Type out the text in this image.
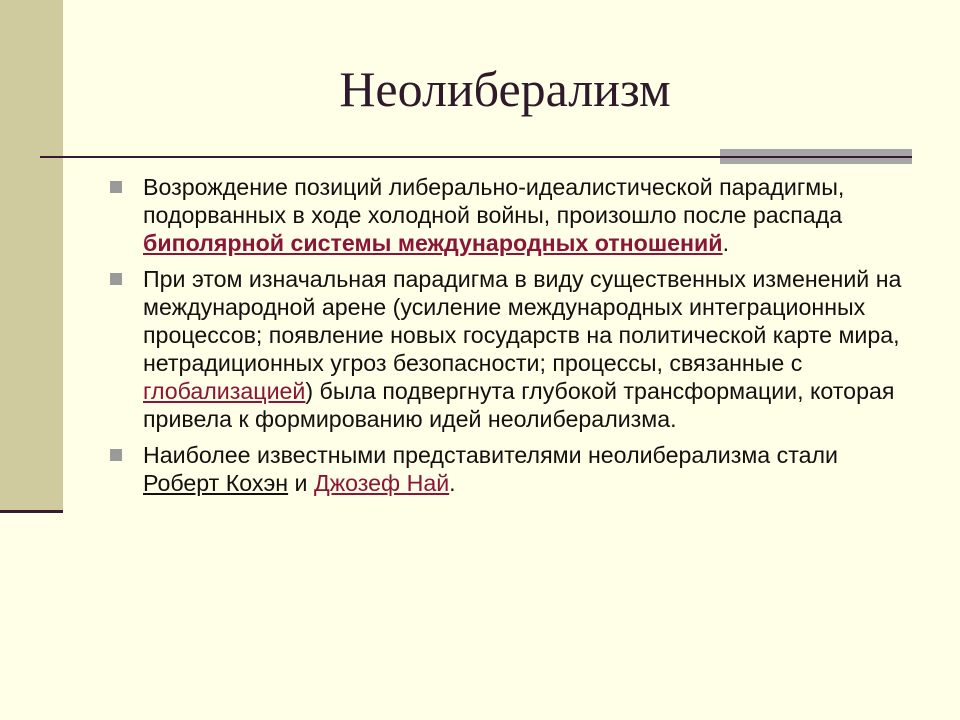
Неолиберализм
Возрождение позиций либерально-идеалистической парадигмы, подорванных в ходе холодной войны, произошло после распада биполярной системы международных отношений.
При этом изначальная парадигма в виду существенных изменений на международной арене (усиление международных интеграционных процессов; появление новых государств на политической карте мира, нетрадиционных угроз безопасности; процессы, связанные с глобализацией) была подвергнута глубокой трансформации, которая привела к формированию идей неолиберализма.
Наиболее известными представителями неолиберализма стали Роберт Кохэн и Джозеф Най.
